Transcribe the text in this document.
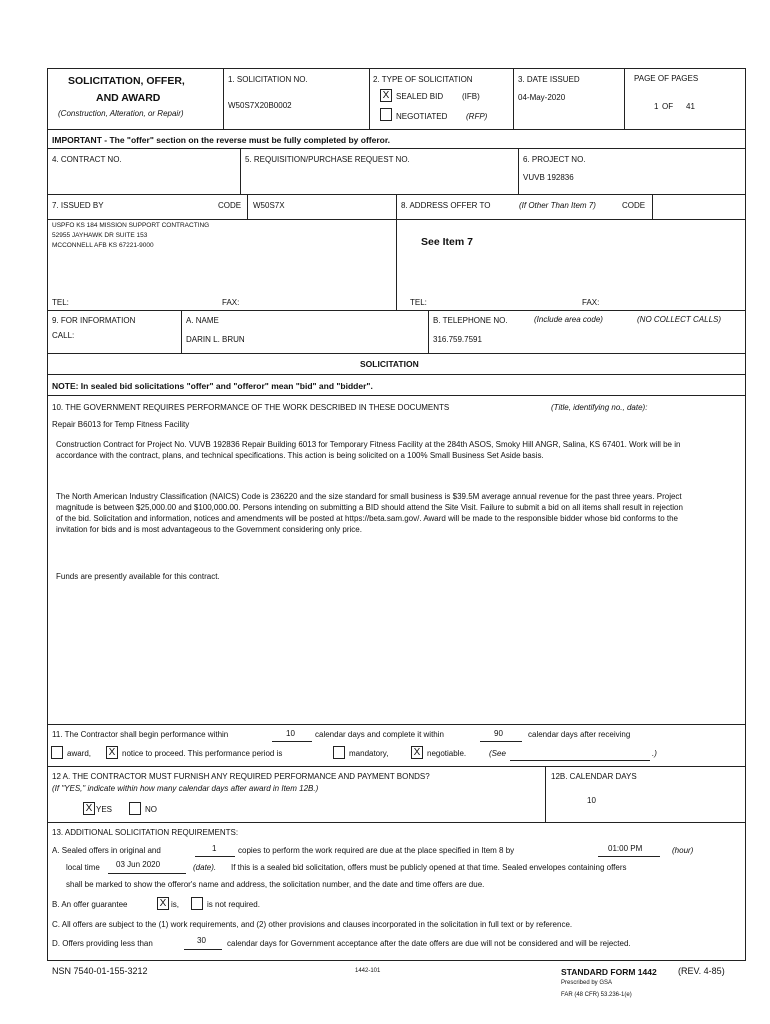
SOLICITATION, OFFER,
AND AWARD
(Construction, Alteration, or Repair)
1. SOLICITATION NO.
W50S7X20B0002
2. TYPE OF SOLICITATION
X SEALED BID (IFB)
NEGOTIATED (RFP)
3. DATE ISSUED
04-May-2020
PAGE OF PAGES
1 OF 41
IMPORTANT - The "offer" section on the reverse must be fully completed by offeror.
4. CONTRACT NO.	5. REQUISITION/PURCHASE REQUEST NO.	6. PROJECT NO.
VUVB 192836
7. ISSUED BY	CODE W50S7X	8. ADDRESS OFFER TO	(If Other Than Item 7)	CODE
USPFO KS 184 MISSION SUPPORT CONTRACTING
52955 JAYHAWK DR SUITE 153
MCCONNELL AFB KS 67221-9000	See Item 7
TEL:	FAX:	TEL:	FAX:
9. FOR INFORMATION
CALL:
A. NAME
DARIN L. BRUN
B. TELEPHONE NO.	(Include area code)	(NO COLLECT CALLS)
316.759.7591
SOLICITATION
NOTE: In sealed bid solicitations "offer" and "offeror" mean "bid" and "bidder".
10. THE GOVERNMENT REQUIRES PERFORMANCE OF THE WORK DESCRIBED IN THESE DOCUMENTS	(Title, identifying no., date):
Repair B6013 for Temp Fitness Facility
Construction Contract for Project No. VUVB 192836 Repair Building 6013 for Temporary Fitness Facility at the 284th ASOS, Smoky Hill ANGR, Salina, KS 67401. Work will be in accordance with the contract, plans, and technical specifications. This action is being solicited on a 100% Small Business Set Aside basis.
The North American Industry Classification (NAICS) Code is 236220 and the size standard for small business is $39.5M average annual revenue for the past three years. Project magnitude is between $25,000.00 and $100,000.00. Persons intending on submitting a BID should attend the Site Visit. Failure to submit a bid on all items shall result in rejection of the bid. Solicitation and information, notices and amendments will be posted at https://beta.sam.gov/. Award will be made to the responsible bidder whose bid conforms to the invitation for bids and is most advantageous to the Government considering only price.
Funds are presently available for this contract.
11. The Contractor shall begin performance within	10	calendar days and complete it within	90	calendar days after receiving
award, X notice to proceed. This performance period is	mandatory,	X negotiable.	(See	.)
12 A. THE CONTRACTOR MUST FURNISH ANY REQUIRED PERFORMANCE AND PAYMENT BONDS?
(If "YES," indicate within how many calendar days after award in Item 12B.)
X YES	NO
12B. CALENDAR DAYS
10
13. ADDITIONAL SOLICITATION REQUIREMENTS:
A. Sealed offers in original and	1	copies to perform the work required are due at the place specified in Item 8 by	01:00 PM	(hour)
local time 03 Jun 2020	(date). If this is a sealed bid solicitation, offers must be publicly opened at that time. Sealed envelopes containing offers
shall be marked to show the offeror's name and address, the solicitation number, and the date and time offers are due.
B. An offer guarantee	X is,	is not required.
C. All offers are subject to the (1) work requirements, and (2) other provisions and clauses incorporated in the solicitation in full text or by reference.
D. Offers providing less than	30	calendar days for Government acceptance after the date offers are due will not be considered and will be rejected.
NSN 7540-01-155-3212	1442-101	STANDARD FORM 1442 (REV. 4-85)
Prescribed by GSA
FAR (48 CFR) 53.236-1(e)
